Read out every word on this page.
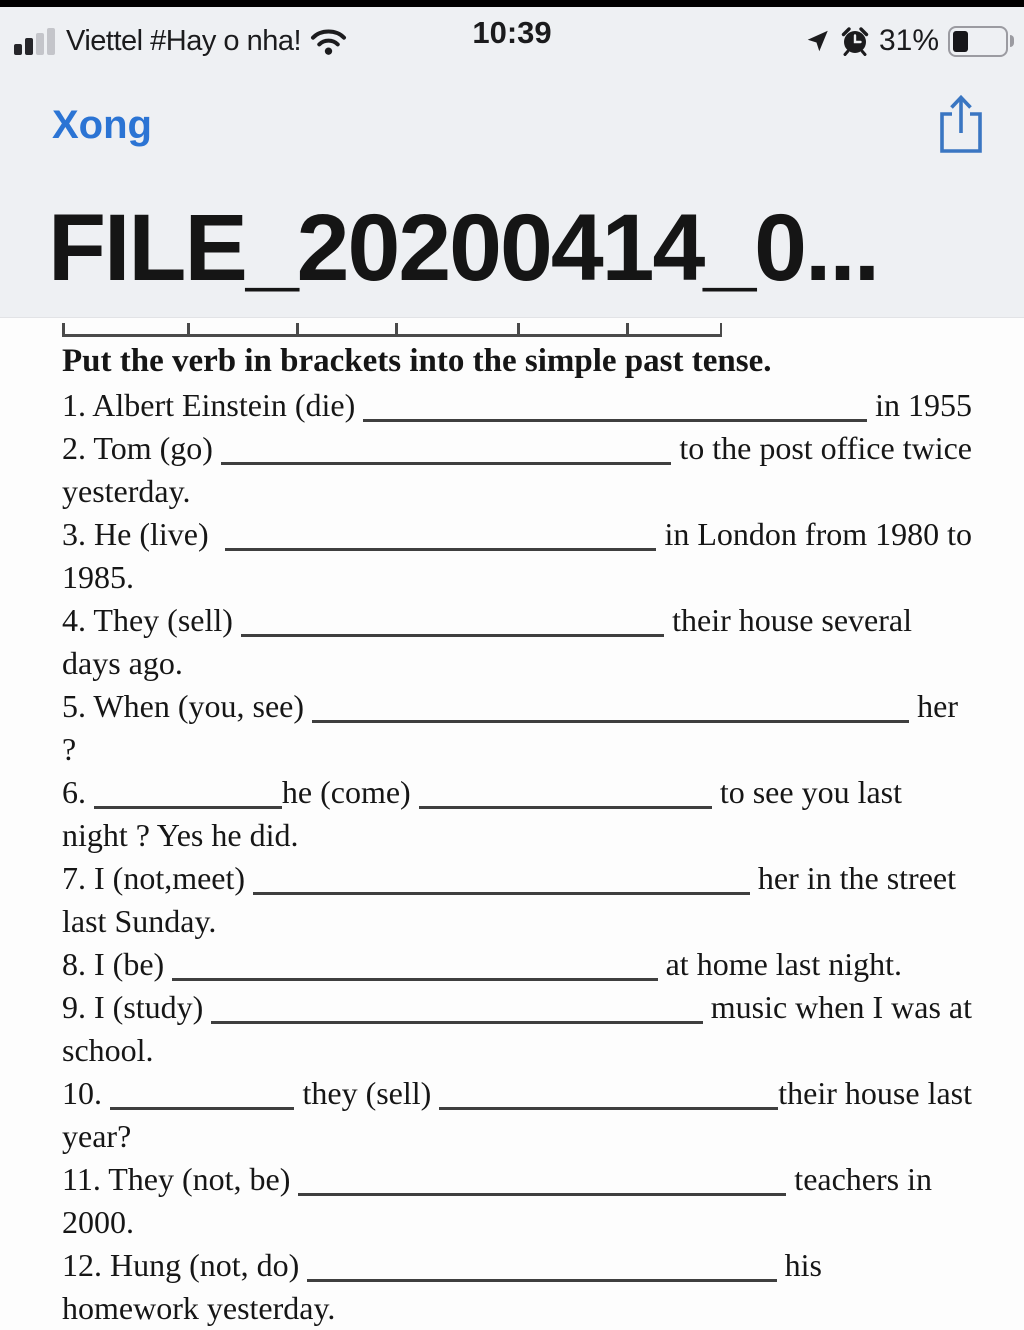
Viettel #Hay o nha!	10:39	31%
Xong
FILE_20200414_0...
Put the verb in brackets into the simple past tense.
1. Albert Einstein (die)	in 1955
2. Tom (go)	to the post office twice
yesterday.
3. He (live)	in London from 1980 to
1985.
4. They (sell)	their house several
days ago.
5. When (you, see)	her
?
6.	he (come)	to see you last
night ? Yes he did.
7. I (not,meet)	her in the street
last Sunday.
8. I (be)	at home last night.
9. I (study)	music when I was at
school.
10.	they (sell)	their house last
year?
11. They (not, be)	teachers in
2000.
12. Hung (not, do)	his
homework yesterday.
